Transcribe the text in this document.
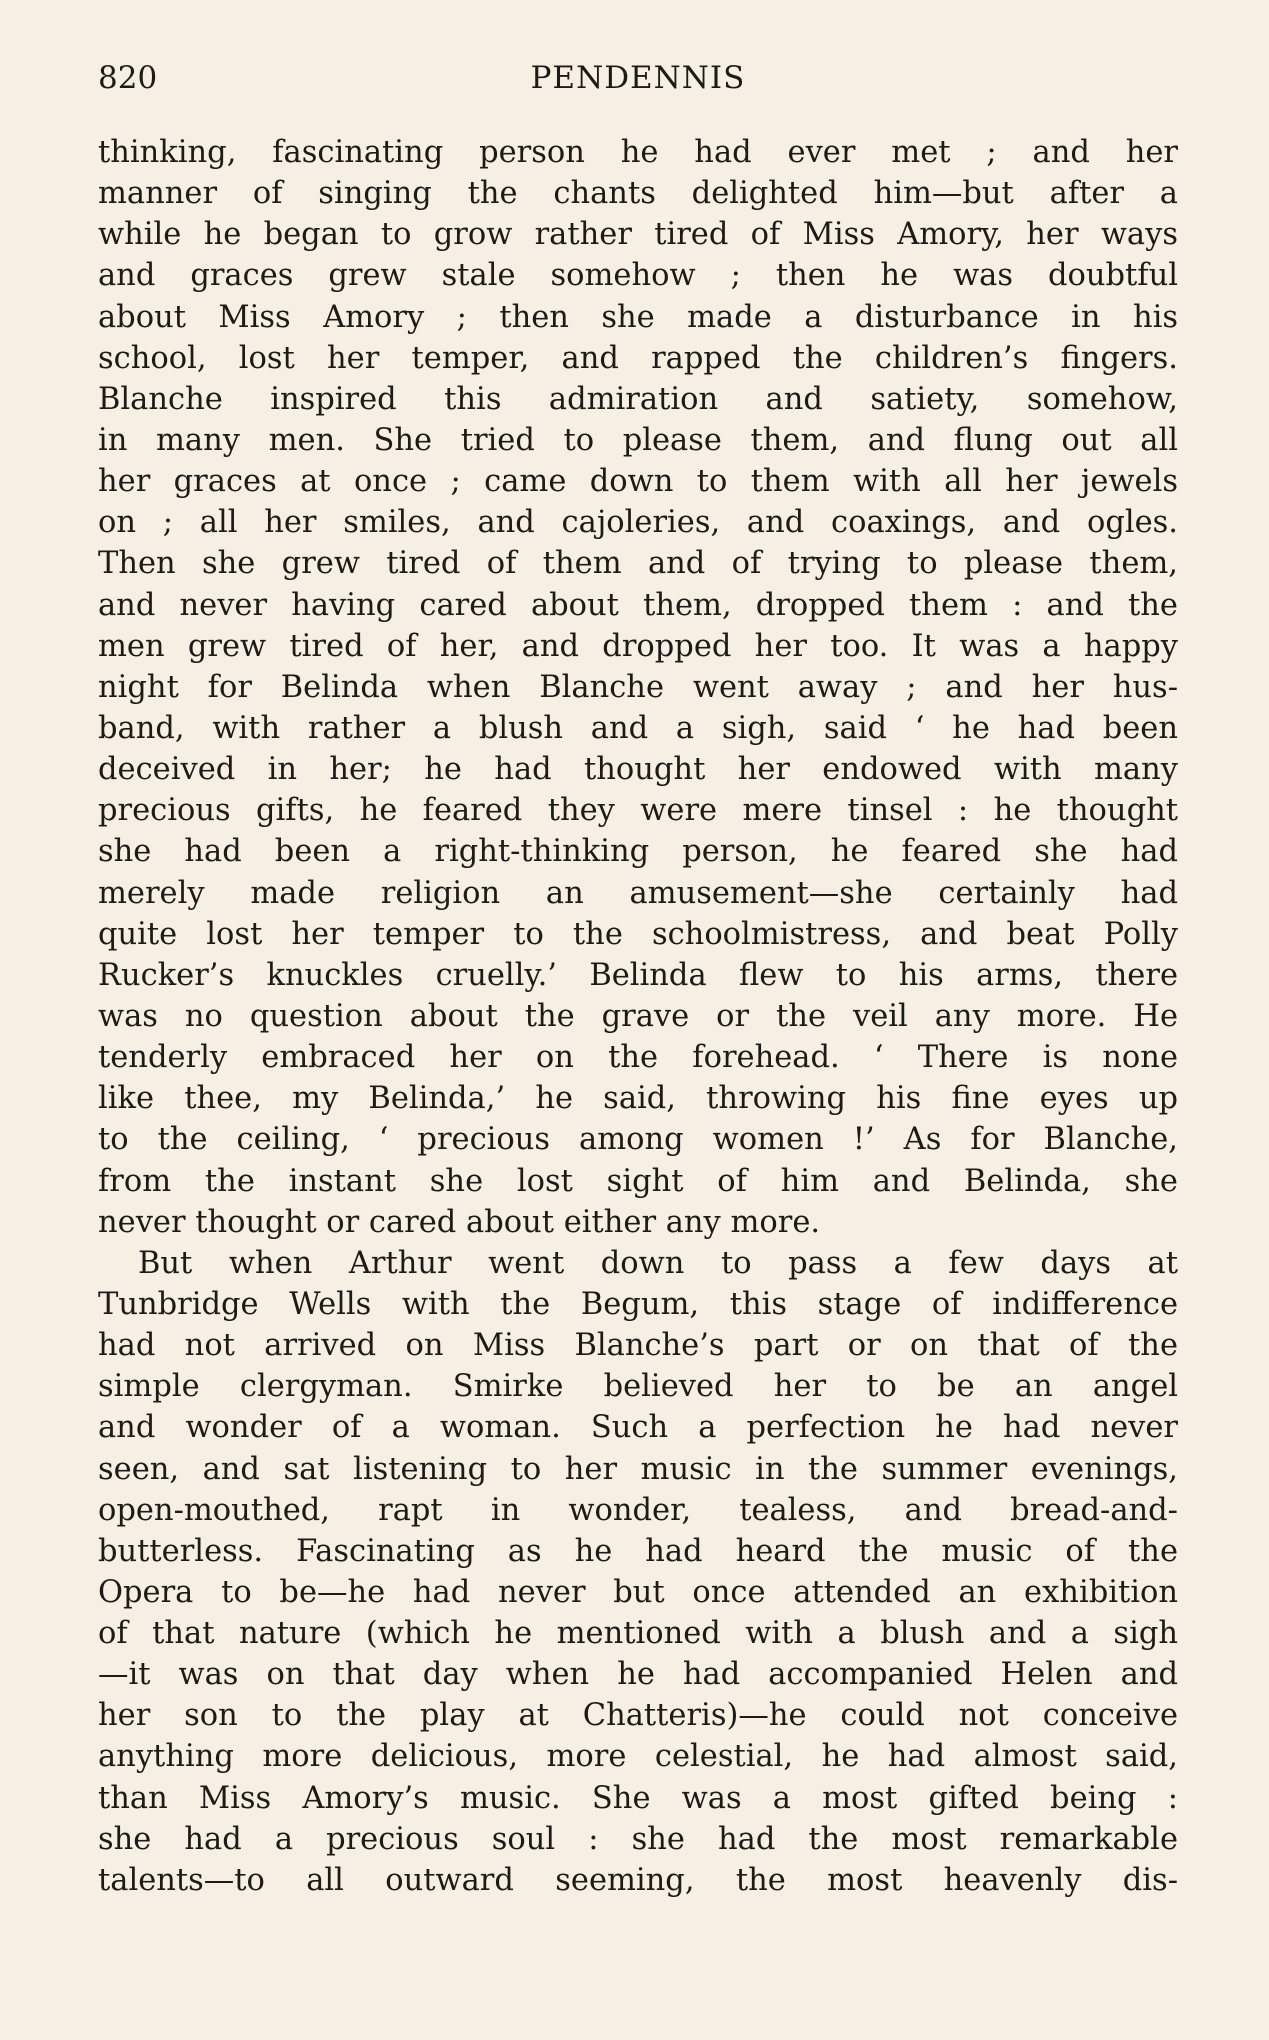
820	PENDENNIS
thinking, fascinating person he had ever met ; and her
manner of singing the chants delighted him—but after a
while he began to grow rather tired of Miss Amory, her ways
and graces grew stale somehow ; then he was doubtful
about Miss Amory ; then she made a disturbance in his
school, lost her temper, and rapped the children’s fingers.
Blanche inspired this admiration and satiety, somehow,
in many men. She tried to please them, and flung out all
her graces at once ; came down to them with all her jewels
on ; all her smiles, and cajoleries, and coaxings, and ogles.
Then she grew tired of them and of trying to please them,
and never having cared about them, dropped them : and the
men grew tired of her, and dropped her too. It was a happy
night for Belinda when Blanche went away ; and her hus-
band, with rather a blush and a sigh, said ‘ he had been
deceived in her; he had thought her endowed with many
precious gifts, he feared they were mere tinsel : he thought
she had been a right-thinking person, he feared she had
merely made religion an amusement—she certainly had
quite lost her temper to the schoolmistress, and beat Polly
Rucker’s knuckles cruelly.’ Belinda flew to his arms, there
was no question about the grave or the veil any more. He
tenderly embraced her on the forehead. ‘ There is none
like thee, my Belinda,’ he said, throwing his fine eyes up
to the ceiling, ‘ precious among women !’ As for Blanche,
from the instant she lost sight of him and Belinda, she
never thought or cared about either any more.
But when Arthur went down to pass a few days at
Tunbridge Wells with the Begum, this stage of indifference
had not arrived on Miss Blanche’s part or on that of the
simple clergyman. Smirke believed her to be an angel
and wonder of a woman. Such a perfection he had never
seen, and sat listening to her music in the summer evenings,
open-mouthed, rapt in wonder, tealess, and bread-and-
butterless. Fascinating as he had heard the music of the
Opera to be—he had never but once attended an exhibition
of that nature (which he mentioned with a blush and a sigh
—it was on that day when he had accompanied Helen and
her son to the play at Chatteris)—he could not conceive
anything more delicious, more celestial, he had almost said,
than Miss Amory’s music. She was a most gifted being :
she had a precious soul : she had the most remarkable
talents—to all outward seeming, the most heavenly dis-
